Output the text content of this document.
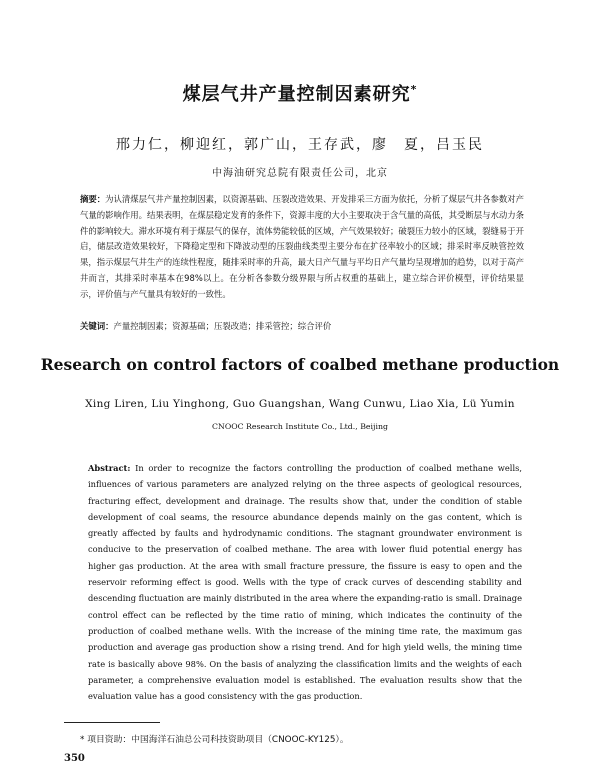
煤层气井产量控制因素研究*
邢力仁，柳迎红，郭广山，王存武，廖　夏，吕玉民
中海油研究总院有限责任公司，北京
摘要：为认清煤层气井产量控制因素，以资源基础、压裂改造效果、开发排采三方面为依托，分析了煤层气井各参数对产气量的影响作用。结果表明，在煤层稳定发育的条件下，资源丰度的大小主要取决于含气量的高低，其受断层与水动力条件的影响较大。滞水环境有利于煤层气的保存，流体势能较低的区域，产气效果较好；破裂压力较小的区域，裂缝易于开启，储层改造效果较好，下降稳定型和下降波动型的压裂曲线类型主要分布在扩径率较小的区域；排采时率反映管控效果，指示煤层气井生产的连续性程度，随排采时率的升高，最大日产气量与平均日产气量均呈现增加的趋势，以对于高产井而言，其排采时率基本在98%以上。在分析各参数分级界限与所占权重的基础上，建立综合评价模型，评价结果显示，评价值与产气量具有较好的一致性。
关键词：产量控制因素；资源基础；压裂改造；排采管控；综合评价
Research on control factors of coalbed methane production
Xing Liren, Liu Yinghong, Guo Guangshan, Wang Cunwu, Liao Xia, Lü Yumin
CNOOC Research Institute Co., Ltd., Beijing
Abstract: In order to recognize the factors controlling the production of coalbed methane wells, influences of various parameters are analyzed relying on the three aspects of geological resources, fracturing effect, development and drainage. The results show that, under the condition of stable development of coal seams, the resource abundance depends mainly on the gas content, which is greatly affected by faults and hydrodynamic conditions. The stagnant groundwater environment is conducive to the preservation of coalbed methane. The area with lower fluid potential energy has higher gas production. At the area with small fracture pressure, the fissure is easy to open and the reservoir reforming effect is good. Wells with the type of crack curves of descending stability and descending fluctuation are mainly distributed in the area where the expanding-ratio is small. Drainage control effect can be reflected by the time ratio of mining, which indicates the continuity of the production of coalbed methane wells. With the increase of the mining time rate, the maximum gas production and average gas production show a rising trend. And for high yield wells, the mining time rate is basically above 98%. On the basis of analyzing the classification limits and the weights of each parameter, a comprehensive evaluation model is established. The evaluation results show that the evaluation value has a good consistency with the gas production.
* 项目资助：中国海洋石油总公司科技资助项目（CNOOC-KY125）。
350
